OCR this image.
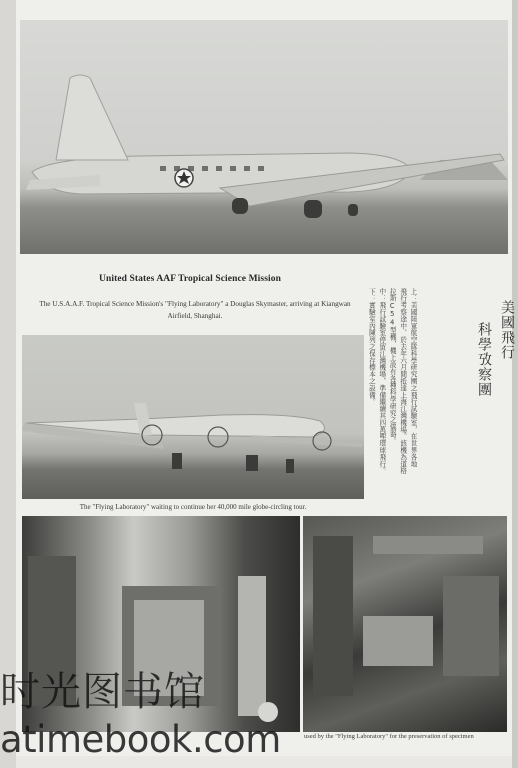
United States AAF Tropical Science Mission
The U.S.A.A.F. Tropical Science Mission's "Flying Laboratory" a Douglas Skymaster, arriving at Kiangwan Airfield, Shanghai.	美國飛行
科學攷察團

上：美國陸軍航空隊科學研究團之飛行試驗室，在世界各地

飛行考察途中，於去年六月間抵達上海江灣機場。該機為道格

拉斯C54型機，機上設有各種科學研究之儀器。

中：飛行試驗室停留江灣機場，準備繼續其四萬哩環球飛行。

下：實驗室內陳列之保存標本之設備。

The "Flying Laboratory" waiting to continue her 40,000 mile globe-circling tour.
used by the "Flying Laboratory" for the preservation of specimen
时光图书馆
atimebook.com
